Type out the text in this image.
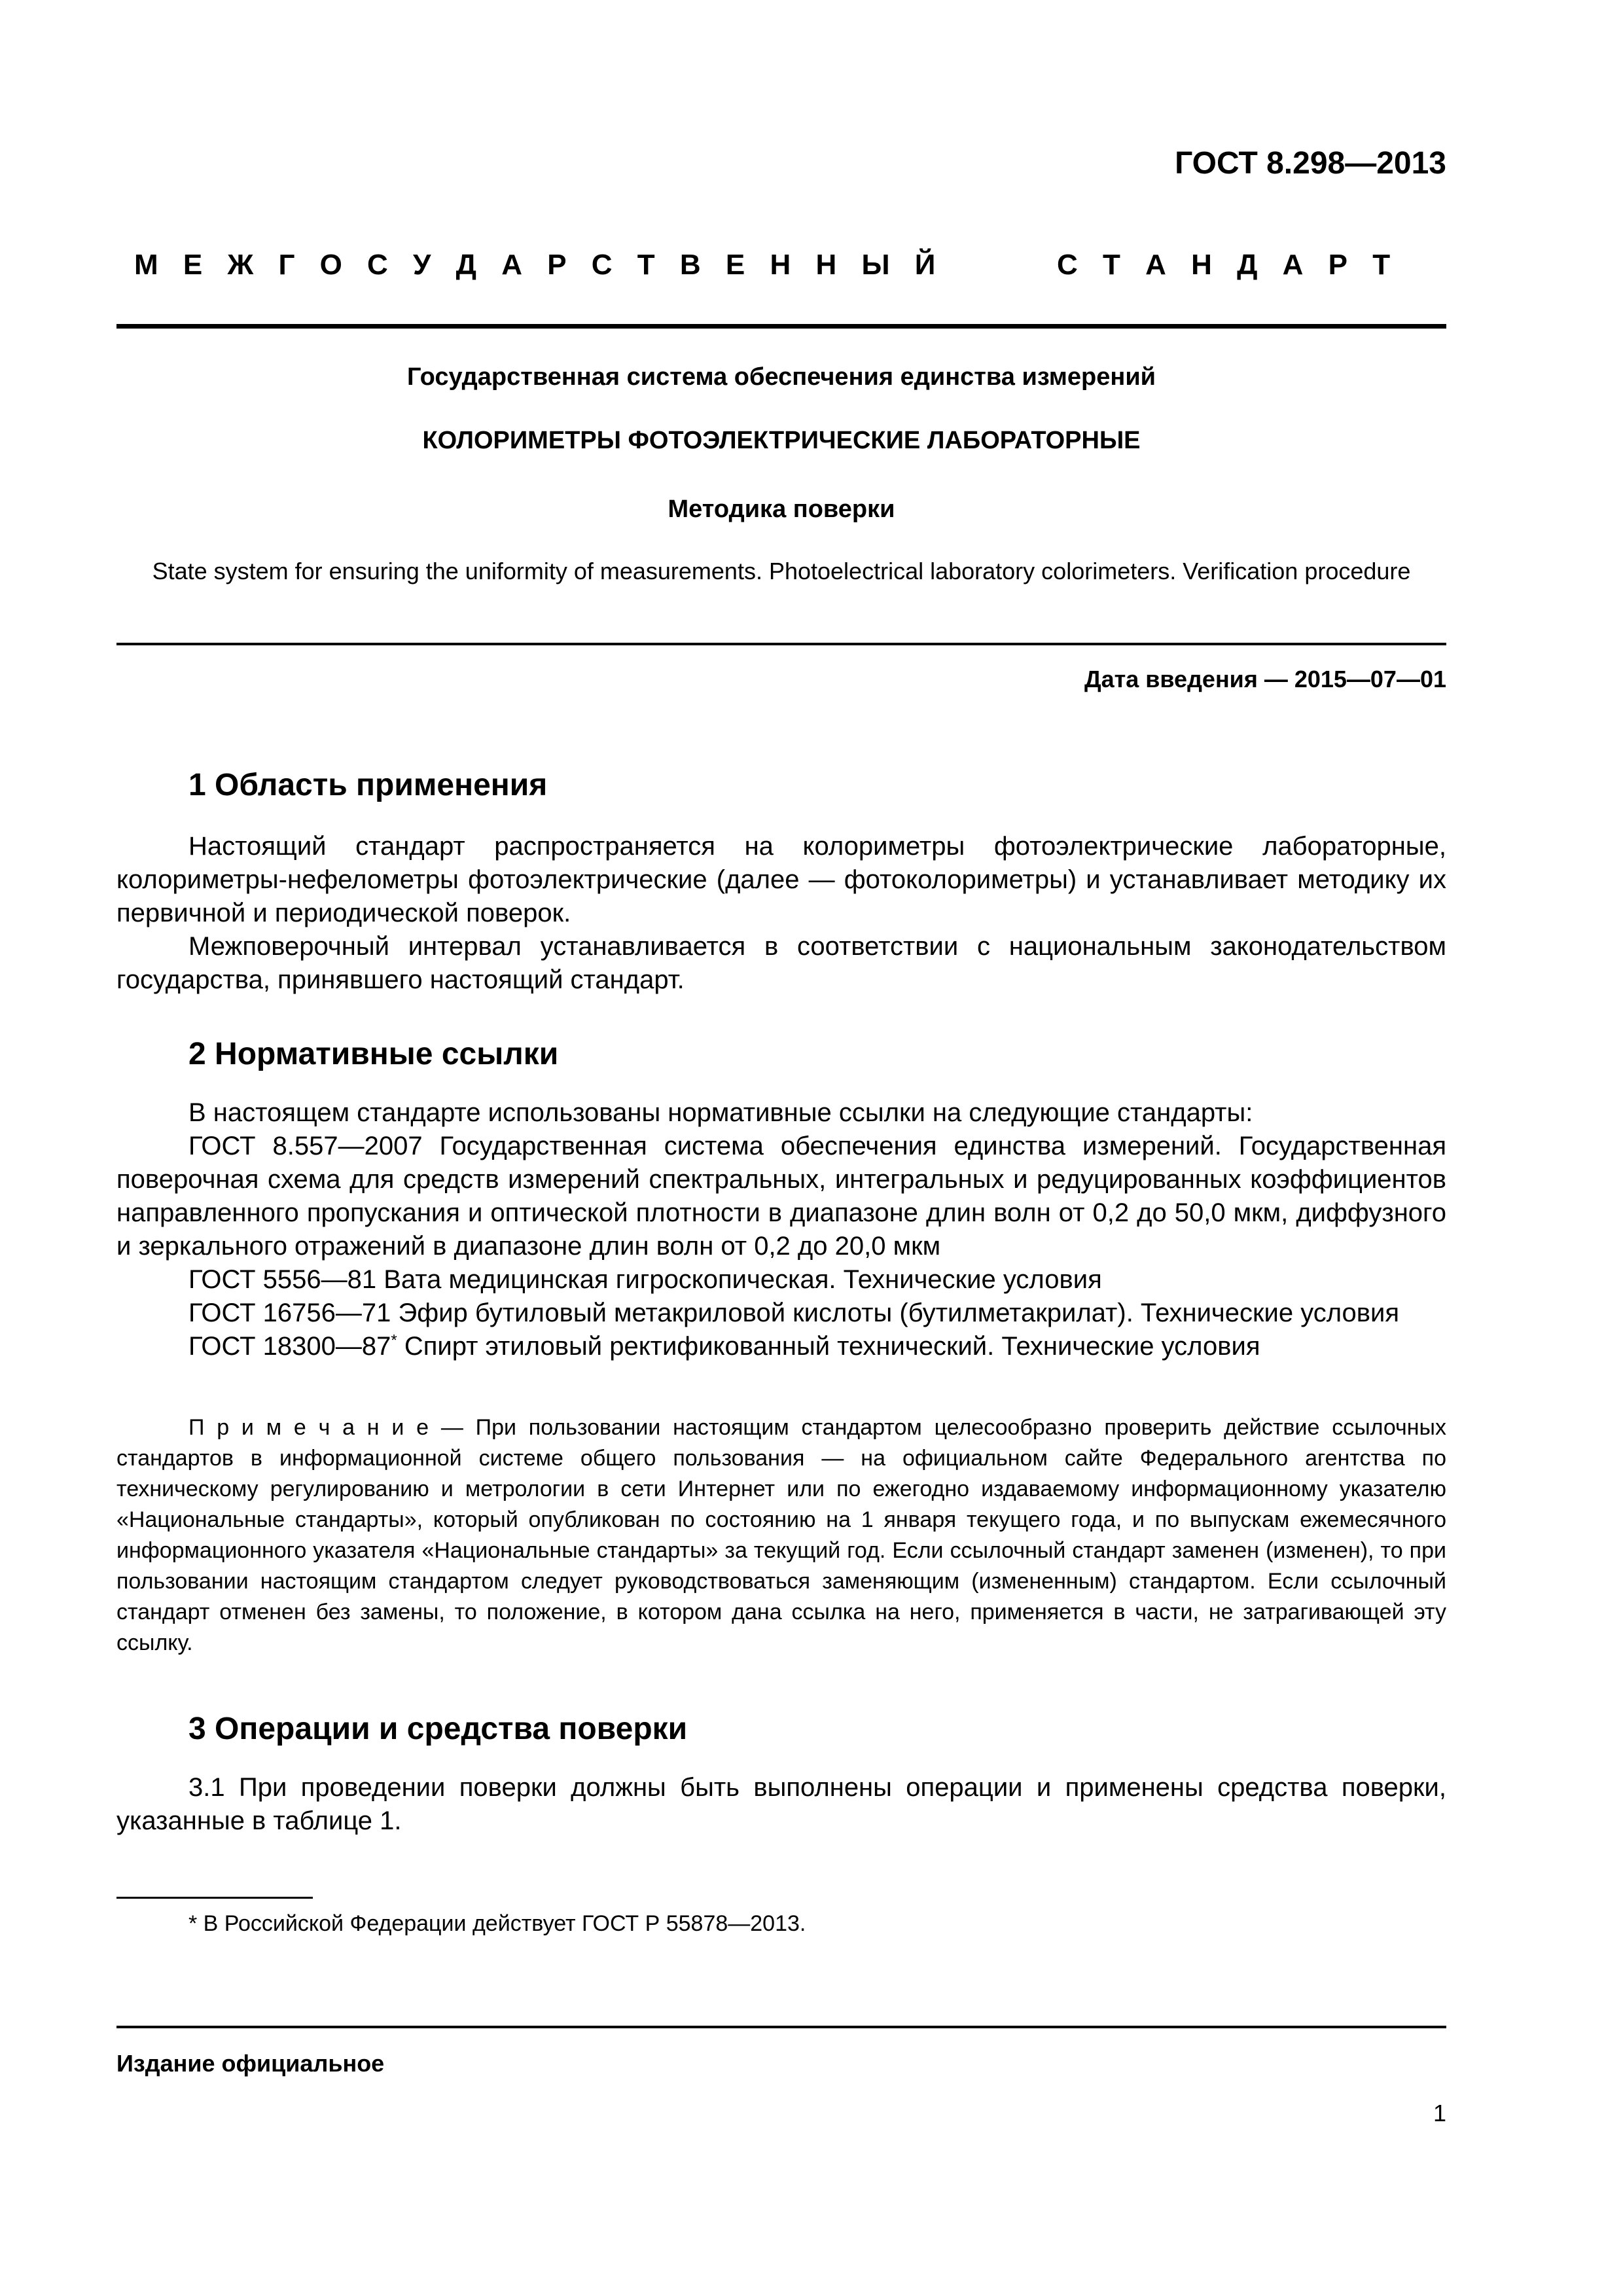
ГОСТ 8.298—2013
М Е Ж Г О С У Д А Р С Т В Е Н Н Ы Й	С Т А Н Д А Р Т
Государственная система обеспечения единства измерений
КОЛОРИМЕТРЫ ФОТОЭЛЕКТРИЧЕСКИЕ ЛАБОРАТОРНЫЕ
Методика поверки
State system for ensuring the uniformity of measurements. Photoelectrical laboratory colorimeters. Verification procedure
Дата введения — 2015—07—01
1 Область применения

Настоящий стандарт распространяется на колориметры фотоэлектрические лабораторные, колориметры-нефелометры фотоэлектрические (далее — фотоколориметры) и устанавливает методику их первичной и периодической поверок.

Межповерочный интервал устанавливается в соответствии с национальным законодательством государства, принявшего настоящий стандарт.

2 Нормативные ссылки

В настоящем стандарте использованы нормативные ссылки на следующие стандарты:

ГОСТ 8.557—2007 Государственная система обеспечения единства измерений. Государственная поверочная схема для средств измерений спектральных, интегральных и редуцированных коэффициентов направленного пропускания и оптической плотности в диапазоне длин волн от 0,2 до 50,0 мкм, диффузного и зеркального отражений в диапазоне длин волн от 0,2 до 20,0 мкм

ГОСТ 5556—81 Вата медицинская гигроскопическая. Технические условия

ГОСТ 16756—71 Эфир бутиловый метакриловой кислоты (бутилметакрилат). Технические условия

ГОСТ 18300—87* Спирт этиловый ректификованный технический. Технические условия

П р и м е ч а н и е — При пользовании настоящим стандартом целесообразно проверить действие ссылочных стандартов в информационной системе общего пользования — на официальном сайте Федерального агентства по техническому регулированию и метрологии в сети Интернет или по ежегодно издаваемому информационному указателю «Национальные стандарты», который опубликован по состоянию на 1 января текущего года, и по выпускам ежемесячного информационного указателя «Национальные стандарты» за текущий год. Если ссылочный стандарт заменен (изменен), то при пользовании настоящим стандартом следует руководствоваться заменяющим (измененным) стандартом. Если ссылочный стандарт отменен без замены, то положение, в котором дана ссылка на него, применяется в части, не затрагивающей эту ссылку.

3 Операции и средства поверки

3.1 При проведении поверки должны быть выполнены операции и применены средства поверки, указанные в таблице 1.

* В Российской Федерации действует ГОСТ Р 55878—2013.
Издание официальное
1
